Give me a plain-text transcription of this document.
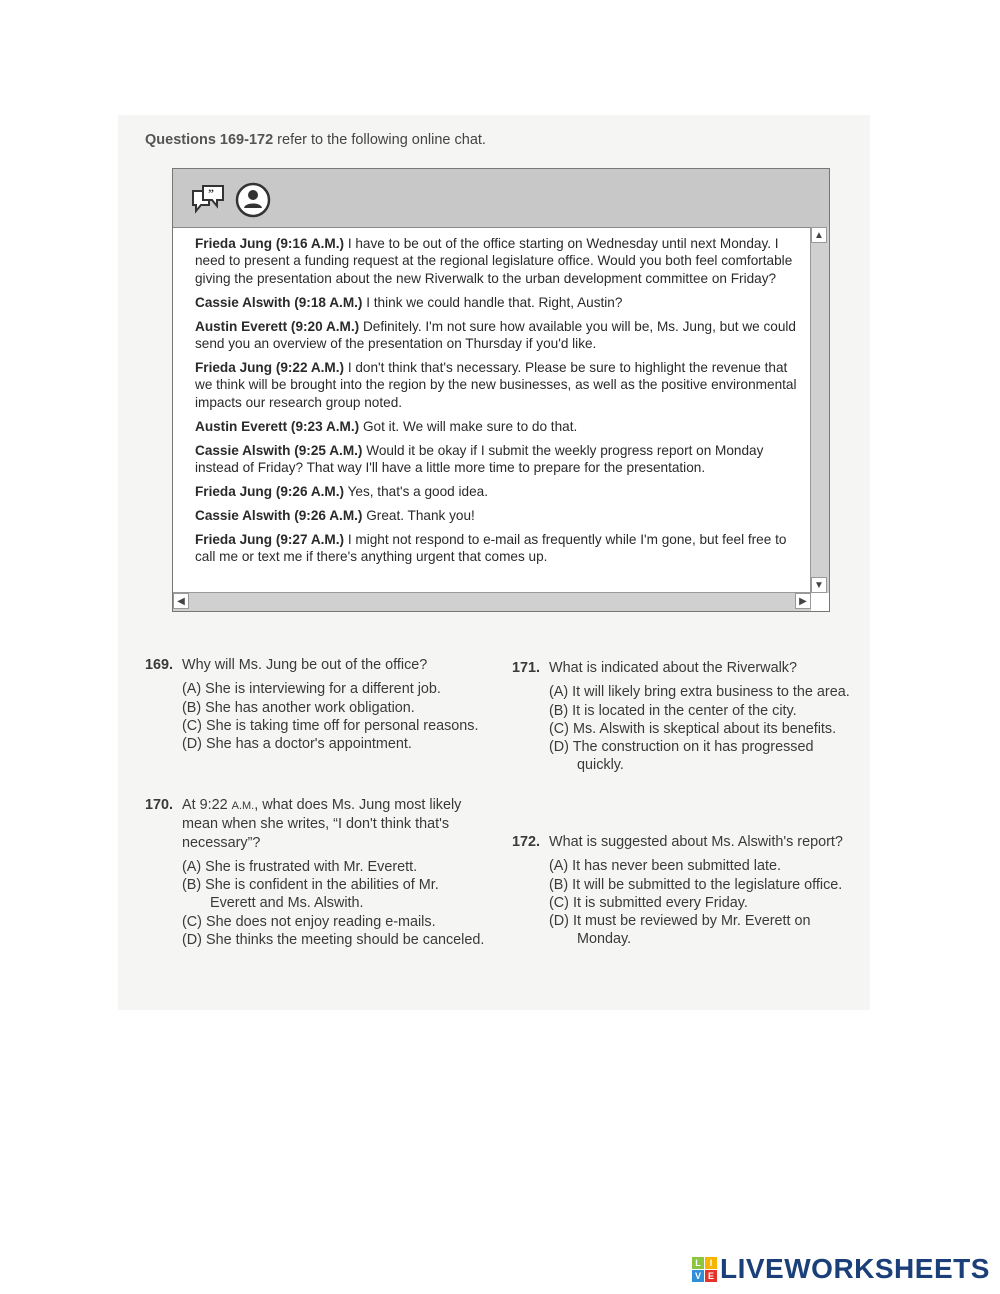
Questions 169-172 refer to the following online chat.
”
Frieda Jung (9:16 A.M.) I have to be out of the office starting on Wednesday until next Monday. I need to present a funding request at the regional legislature office. Would you both feel comfortable giving the presentation about the new Riverwalk to the urban development committee on Friday?
Cassie Alswith (9:18 A.M.) I think we could handle that. Right, Austin?
Austin Everett (9:20 A.M.) Definitely. I'm not sure how available you will be, Ms. Jung, but we could send you an overview of the presentation on Thursday if you'd like.
Frieda Jung (9:22 A.M.) I don't think that's necessary. Please be sure to highlight the revenue that we think will be brought into the region by the new businesses, as well as the positive environmental impacts our research group noted.
Austin Everett (9:23 A.M.) Got it. We will make sure to do that.
Cassie Alswith (9:25 A.M.) Would it be okay if I submit the weekly progress report on Monday instead of Friday? That way I'll have a little more time to prepare for the presentation.
Frieda Jung (9:26 A.M.) Yes, that's a good idea.
Cassie Alswith (9:26 A.M.) Great. Thank you!
Frieda Jung (9:27 A.M.) I might not respond to e-mail as frequently while I'm gone, but feel free to call me or text me if there's anything urgent that comes up.
▲
▼
◀	▶
169. Why will Ms. Jung be out of the office?
(A) She is interviewing for a different job.
(B) She has another work obligation.
(C) She is taking time off for personal reasons.
(D) She has a doctor's appointment.
170. At 9:22 A.M., what does Ms. Jung most likely mean when she writes, “I don't think that's necessary”?
(A) She is frustrated with Mr. Everett.
(B) She is confident in the abilities of Mr. Everett and Ms. Alswith.
(C) She does not enjoy reading e-mails.
(D) She thinks the meeting should be canceled.
171. What is indicated about the Riverwalk?
(A) It will likely bring extra business to the area.
(B) It is located in the center of the city.
(C) Ms. Alswith is skeptical about its benefits.
(D) The construction on it has progressed quickly.
172. What is suggested about Ms. Alswith's report?
(A) It has never been submitted late.
(B) It will be submitted to the legislature office.
(C) It is submitted every Friday.
(D) It must be reviewed by Mr. Everett on Monday.
L I
V E LIVEWORKSHEETS
